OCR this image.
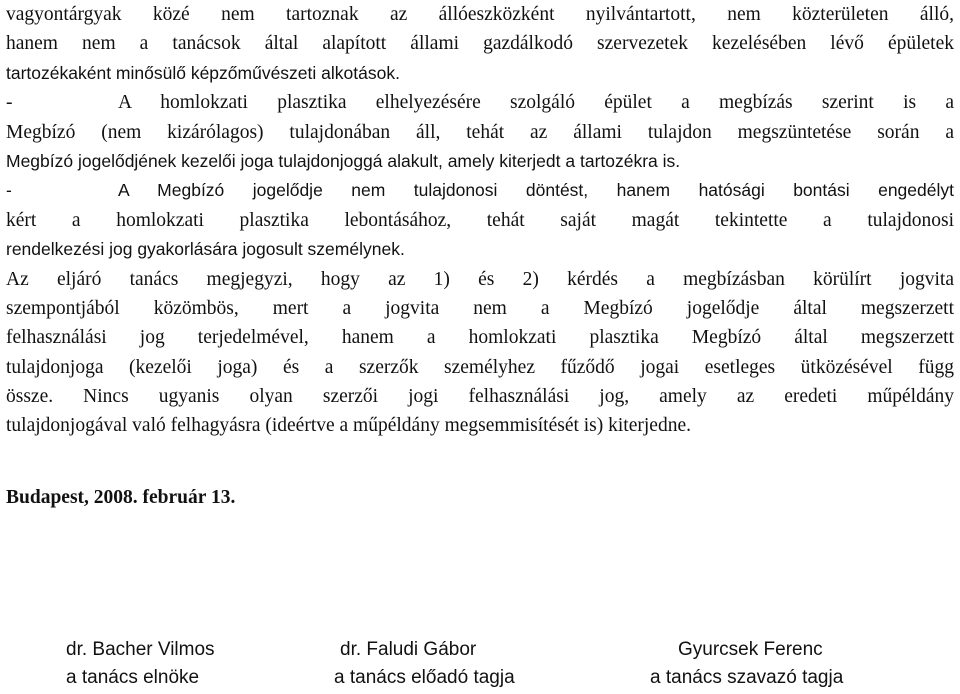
vagyontárgyak közé nem tartoznak az állóeszközként nyilvántartott, nem közterületen álló,
hanem nem a tanácsok által alapított állami gazdálkodó szervezetek kezelésében lévő épületek
tartozékaként minősülő képzőművészeti alkotások.
-	A homlokzati plasztika elhelyezésére szolgáló épület a megbízás szerint is a
Megbízó (nem kizárólagos) tulajdonában áll, tehát az állami tulajdon megszüntetése során a
Megbízó jogelődjének kezelői joga tulajdonjoggá alakult, amely kiterjedt a tartozékra is.
-	A Megbízó jogelődje nem tulajdonosi döntést, hanem hatósági bontási engedélyt
kért a homlokzati plasztika lebontásához, tehát saját magát tekintette a tulajdonosi
rendelkezési jog gyakorlására jogosult személynek.
Az eljáró tanács megjegyzi, hogy az 1) és 2) kérdés a megbízásban körülírt jogvita
szempontjából közömbös, mert a jogvita nem a Megbízó jogelődje által megszerzett
felhasználási jog terjedelmével, hanem a homlokzati plasztika Megbízó által megszerzett
tulajdonjoga (kezelői joga) és a szerzők személyhez fűződő jogai esetleges ütközésével függ
össze. Nincs ugyanis olyan szerzői jogi felhasználási jog, amely az eredeti műpéldány
tulajdonjogával való felhagyásra (ideértve a műpéldány megsemmisítését is) kiterjedne.
Budapest, 2008. február 13.
dr. Bacher Vilmos
a tanács elnöke
dr. Faludi Gábor
a tanács előadó tagja
Gyurcsek Ferenc
a tanács szavazó tagja
